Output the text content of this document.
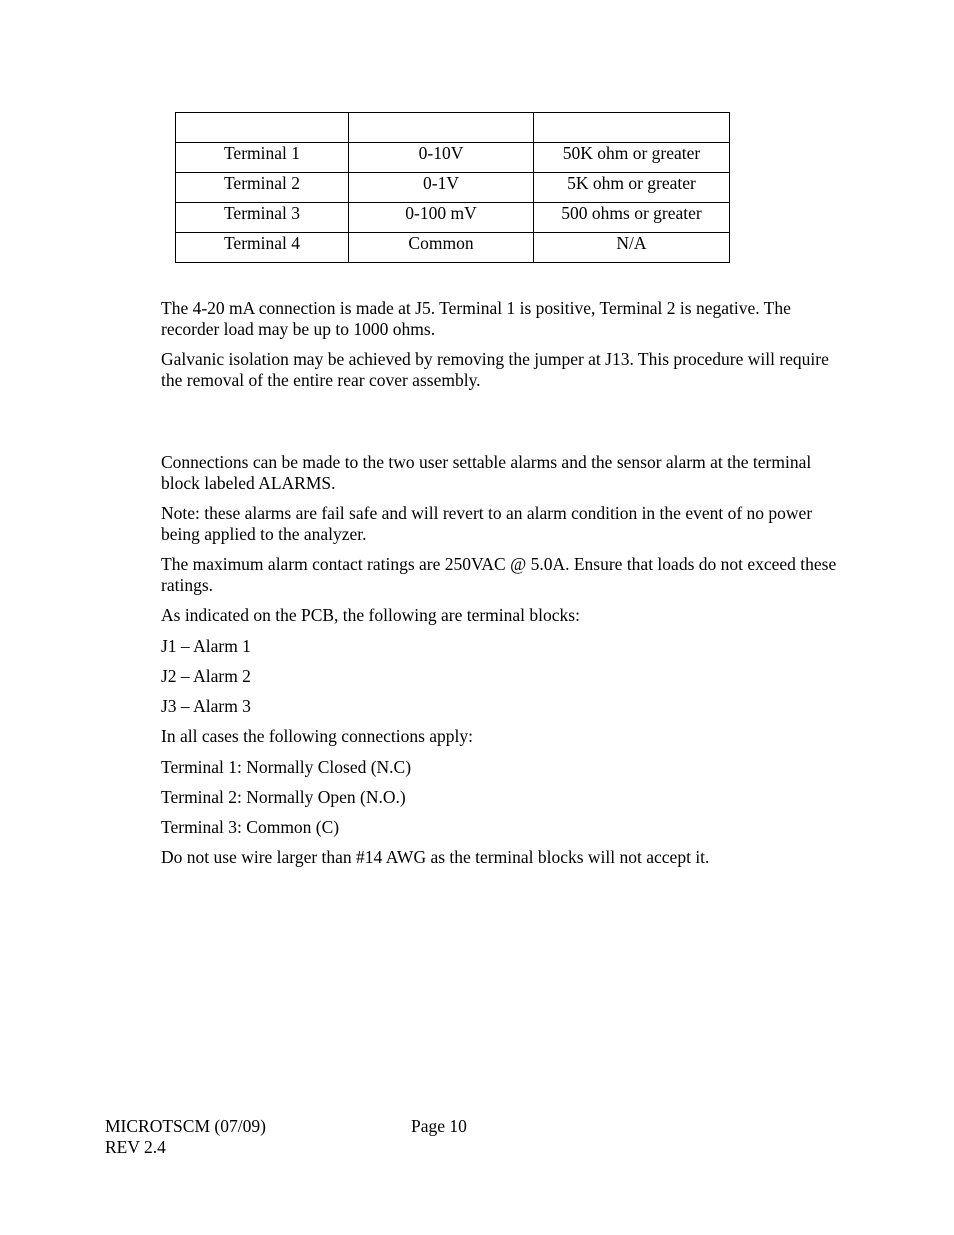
Terminal 1	0-10V	50K ohm or greater
Terminal 2	0-1V	5K ohm or greater
Terminal 3	0-100 mV	500 ohms or greater
Terminal 4	Common	N/A

The 4-20 mA connection is made at J5. Terminal 1 is positive, Terminal 2 is negative. The recorder load may be up to 1000 ohms.

Galvanic isolation may be achieved by removing the jumper at J13. This procedure will require the removal of the entire rear cover assembly.

Connections can be made to the two user settable alarms and the sensor alarm at the terminal block labeled ALARMS.

Note: these alarms are fail safe and will revert to an alarm condition in the event of no power being applied to the analyzer.

The maximum alarm contact ratings are 250VAC @ 5.0A. Ensure that loads do not exceed these ratings.

As indicated on the PCB, the following are terminal blocks:

J1 – Alarm 1

J2 – Alarm 2

J3 – Alarm 3

In all cases the following connections apply:

Terminal 1: Normally Closed (N.C)

Terminal 2: Normally Open (N.O.)

Terminal 3: Common (C)

Do not use wire larger than #14 AWG as the terminal blocks will not accept it.

MICROTSCM (07/09)
REV 2.4
Page 10
